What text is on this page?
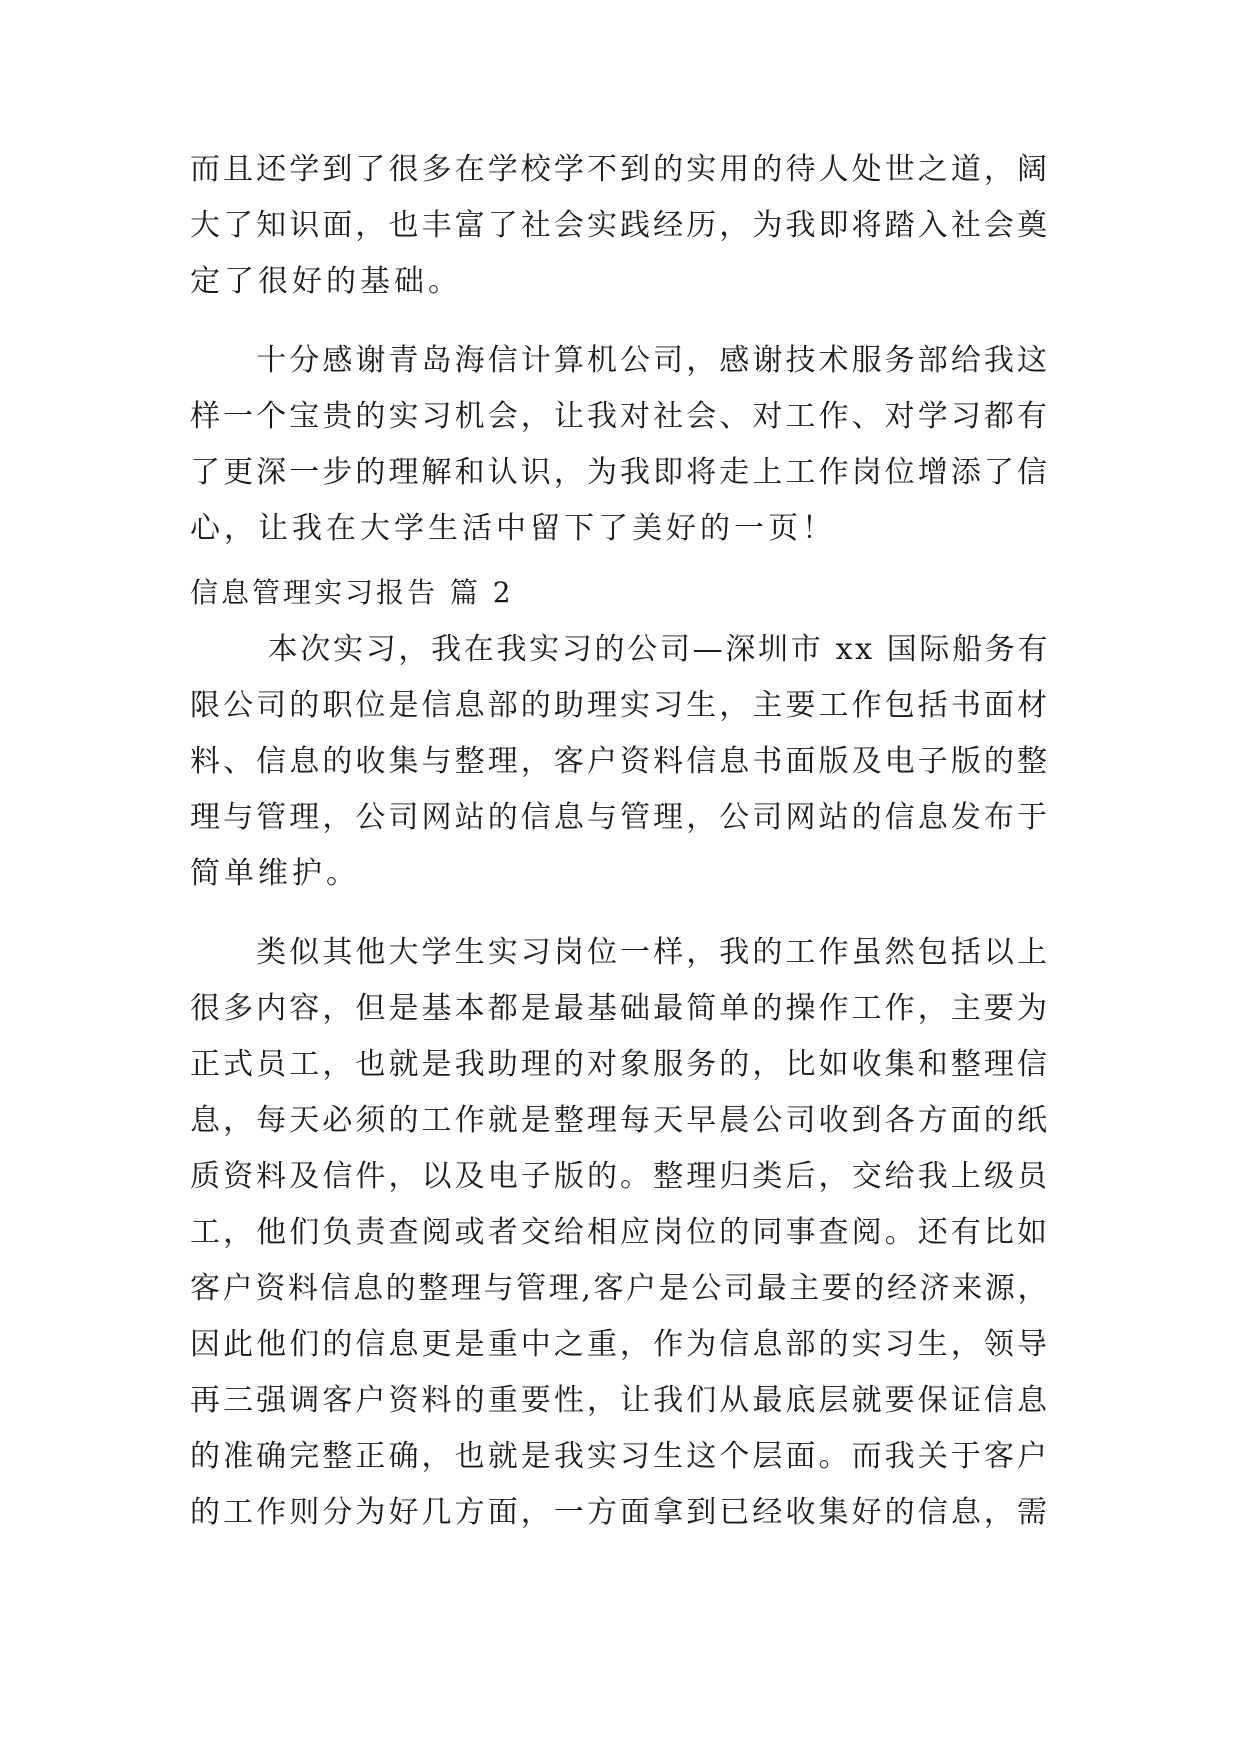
而且还学到了很多在学校学不到的实用的待人处世之道，阔
大了知识面，也丰富了社会实践经历，为我即将踏入社会奠
定了很好的基础。
　　十分感谢青岛海信计算机公司，感谢技术服务部给我这
样一个宝贵的实习机会，让我对社会、对工作、对学习都有
了更深一步的理解和认识，为我即将走上工作岗位增添了信
心，让我在大学生活中留下了美好的一页！
信息管理实习报告 篇 2
　　 本次实习，我在我实习的公司—深圳市 xx 国际船务有
限公司的职位是信息部的助理实习生，主要工作包括书面材
料、信息的收集与整理，客户资料信息书面版及电子版的整
理与管理，公司网站的信息与管理，公司网站的信息发布于
简单维护。
　　类似其他大学生实习岗位一样，我的工作虽然包括以上
很多内容，但是基本都是最基础最简单的操作工作，主要为
正式员工，也就是我助理的对象服务的，比如收集和整理信
息，每天必须的工作就是整理每天早晨公司收到各方面的纸
质资料及信件，以及电子版的。整理归类后，交给我上级员
工，他们负责查阅或者交给相应岗位的同事查阅。还有比如
客户资料信息的整理与管理,客户是公司最主要的经济来源，
因此他们的信息更是重中之重，作为信息部的实习生，领导
再三强调客户资料的重要性，让我们从最底层就要保证信息
的准确完整正确，也就是我实习生这个层面。而我关于客户
的工作则分为好几方面，一方面拿到已经收集好的信息，需
